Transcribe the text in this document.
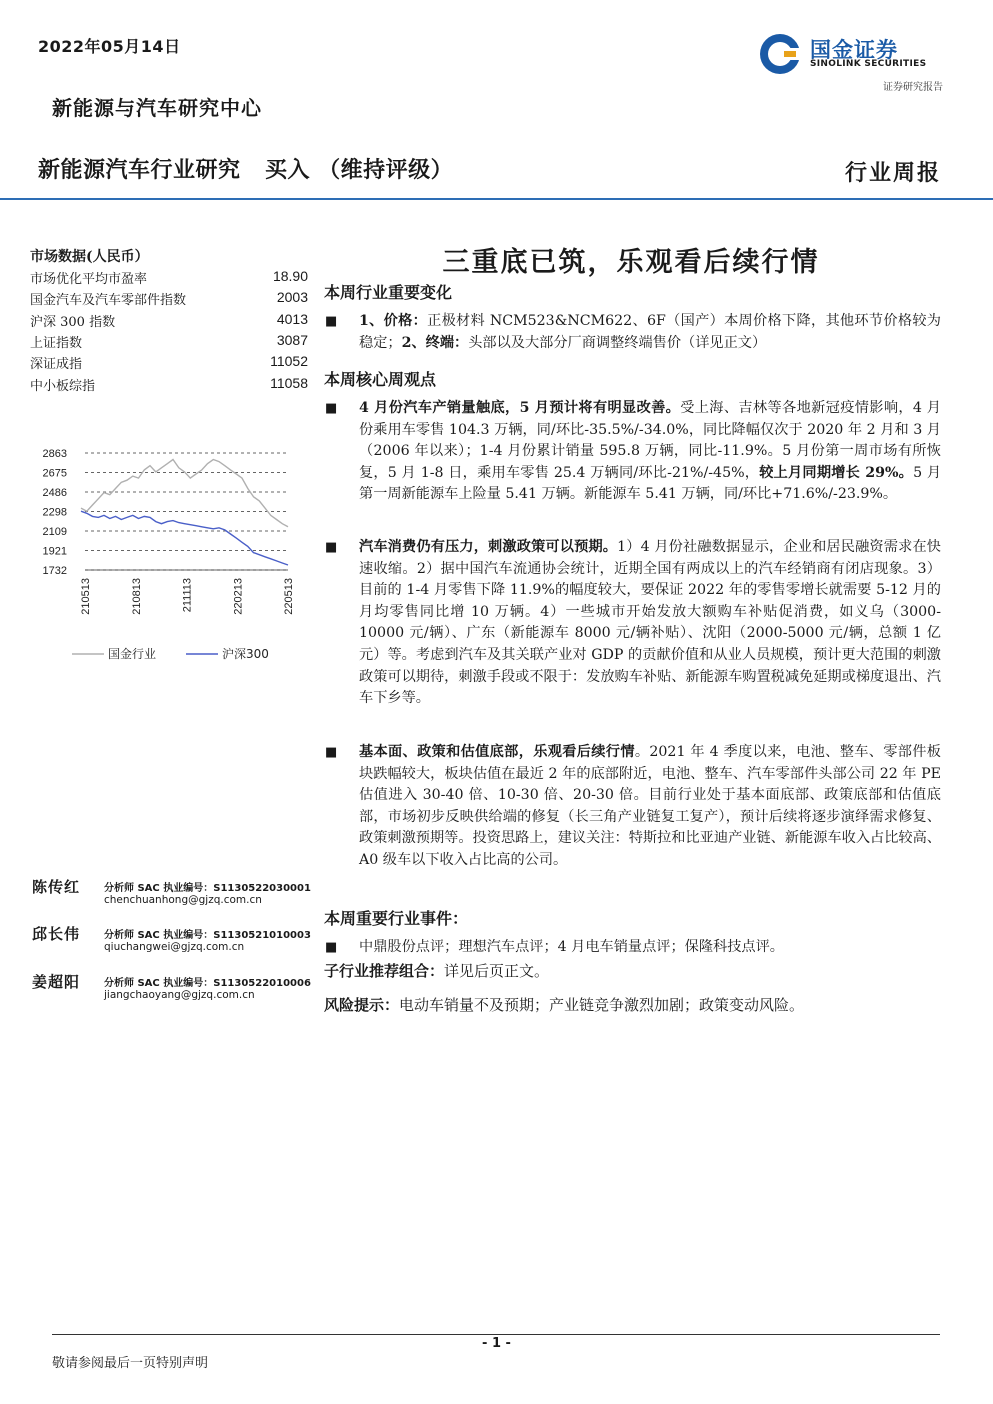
2022年05月14日
新能源与汽车研究中心
新能源汽车行业研究   买入 （维持评级）	行业周报
国金证券
SINOLINK SECURITIES
证券研究报告
市场数据(人民币）
市场优化平均市盈率	18.90
国金汽车及汽车零部件指数	2003
沪深 300 指数	4013
上证指数	3087
深证成指	11052
中小板综指	11058
2863
2675
2486
2298
2109
1921
1732
210513	210813	211113	220213	220513
国金行业	沪深300
陈传红 分析师 SAC 执业编号：S1130522030001
chenchuanhong@gjzq.com.cn
邱长伟 分析师 SAC 执业编号：S1130521010003
qiuchangwei@gjzq.com.cn
姜超阳 分析师 SAC 执业编号：S1130522010006
jiangchaoyang@gjzq.com.cn
三重底已筑，乐观看后续行情
本周行业重要变化
■ 1、价格：正极材料 NCM523&NCM622、6F（国产）本周价格下降，其他环节价格较为稳定；2、终端：头部以及大部分厂商调整终端售价（详见正文）
本周核心周观点
■ 4 月份汽车产销量触底，5 月预计将有明显改善。受上海、吉林等各地新冠疫情影响，4 月份乘用车零售 104.3 万辆，同/环比-35.5%/-34.0%，同比降幅仅次于 2020 年 2 月和 3 月（2006 年以来）；1-4 月份累计销量 595.8 万辆，同比-11.9%。5 月份第一周市场有所恢复，5 月 1-8 日，乘用车零售 25.4 万辆同/环比-21%/-45%，较上月同期增长 29%。5 月第一周新能源车上险量 5.41 万辆。新能源车 5.41 万辆，同/环比+71.6%/-23.9%。
■ 汽车消费仍有压力，刺激政策可以预期。1）4 月份社融数据显示，企业和居民融资需求在快速收缩。2）据中国汽车流通协会统计，近期全国有两成以上的汽车经销商有闭店现象。3）目前的 1-4 月零售下降 11.9%的幅度较大，要保证 2022 年的零售零增长就需要 5-12 月的月均零售同比增 10 万辆。4）一些城市开始发放大额购车补贴促消费，如义乌（3000-10000 元/辆）、广东（新能源车 8000 元/辆补贴）、沈阳（2000-5000 元/辆，总额 1 亿元）等。考虑到汽车及其关联产业对 GDP 的贡献价值和从业人员规模，预计更大范围的刺激政策可以期待，刺激手段或不限于：发放购车补贴、新能源车购置税减免延期或梯度退出、汽车下乡等。
■ 基本面、政策和估值底部，乐观看后续行情。2021 年 4 季度以来，电池、整车、零部件板块跌幅较大，板块估值在最近 2 年的底部附近，电池、整车、汽车零部件头部公司 22 年 PE 估值进入 30-40 倍、10-30 倍、20-30 倍。目前行业处于基本面底部、政策底部和估值底部，市场初步反映供给端的修复（长三角产业链复工复产），预计后续将逐步演绎需求修复、政策刺激预期等。投资思路上，建议关注：特斯拉和比亚迪产业链、新能源车收入占比较高、A0 级车以下收入占比高的公司。
本周重要行业事件：
■ 中鼎股份点评；理想汽车点评；4 月电车销量点评；保隆科技点评。
子行业推荐组合：详见后页正文。
风险提示：电动车销量不及预期；产业链竞争激烈加剧；政策变动风险。
- 1 -
敬请参阅最后一页特别声明
